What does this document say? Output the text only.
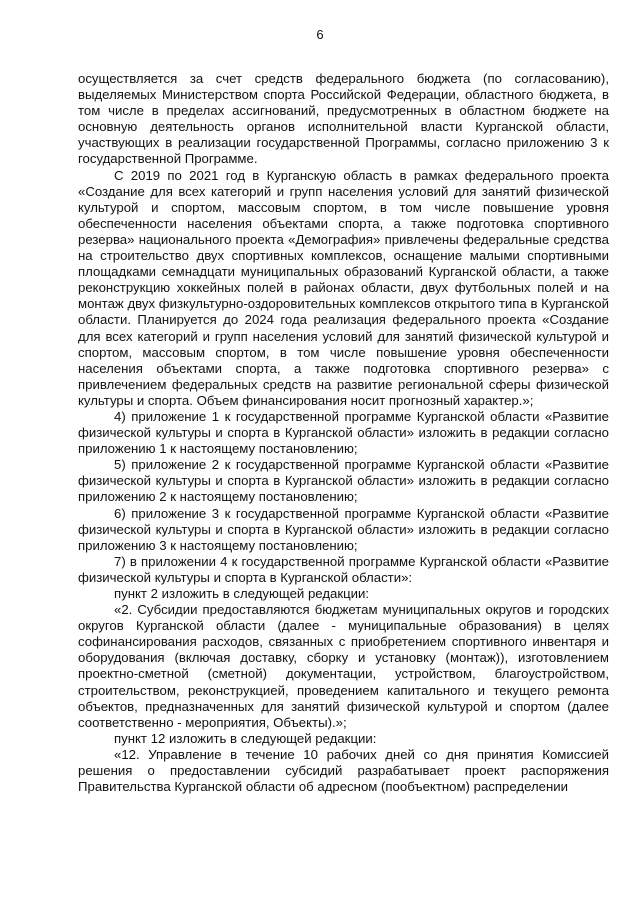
6

осуществляется за счет средств федерального бюджета (по согласованию), выделяемых Министерством спорта Российской Федерации, областного бюджета, в том числе в пределах ассигнований, предусмотренных в областном бюджете на основную деятельность органов исполнительной власти Курганской области, участвующих в реализации государственной Программы, согласно приложению 3 к государственной Программе.

С 2019 по 2021 год в Курганскую область в рамках федерального проекта «Создание для всех категорий и групп населения условий для занятий физической культурой и спортом, массовым спортом, в том числе повышение уровня обеспеченности населения объектами спорта, а также подготовка спортивного резерва» национального проекта «Демография» привлечены федеральные средства на строительство двух спортивных комплексов, оснащение малыми спортивными площадками семнадцати муниципальных образований Курганской области, а также реконструкцию хоккейных полей в районах области, двух футбольных полей и на монтаж двух физкультурно-оздоровительных комплексов открытого типа в Курганской области. Планируется до 2024 года реализация федерального проекта «Создание для всех категорий и групп населения условий для занятий физической культурой и спортом, массовым спортом, в том числе повышение уровня обеспеченности населения объектами спорта, а также подготовка спортивного резерва» с привлечением федеральных средств на развитие региональной сферы физической культуры и спорта. Объем финансирования носит прогнозный характер.»;

4) приложение 1 к государственной программе Курганской области «Развитие физической культуры и спорта в Курганской области» изложить в редакции согласно приложению 1 к настоящему постановлению;

5) приложение 2 к государственной программе Курганской области «Развитие физической культуры и спорта в Курганской области» изложить в редакции согласно приложению 2 к настоящему постановлению;

6) приложение 3 к государственной программе Курганской области «Развитие физической культуры и спорта в Курганской области» изложить в редакции согласно приложению 3 к настоящему постановлению;

7) в приложении 4 к государственной программе Курганской области «Развитие физической культуры и спорта в Курганской области»:

пункт 2 изложить в следующей редакции:

«2. Субсидии предоставляются бюджетам муниципальных округов и городских округов Курганской области (далее - муниципальные образования) в целях софинансирования расходов, связанных с приобретением спортивного инвентаря и оборудования (включая доставку, сборку и установку (монтаж)), изготовлением проектно-сметной (сметной) документации, устройством, благоустройством, строительством, реконструкцией, проведением капитального и текущего ремонта объектов, предназначенных для занятий физической культурой и спортом (далее соответственно - мероприятия, Объекты).»;

пункт 12 изложить в следующей редакции:

«12. Управление в течение 10 рабочих дней со дня принятия Комиссией решения о предоставлении субсидий разрабатывает проект распоряжения Правительства Курганской области об адресном (пообъектном) распределении
